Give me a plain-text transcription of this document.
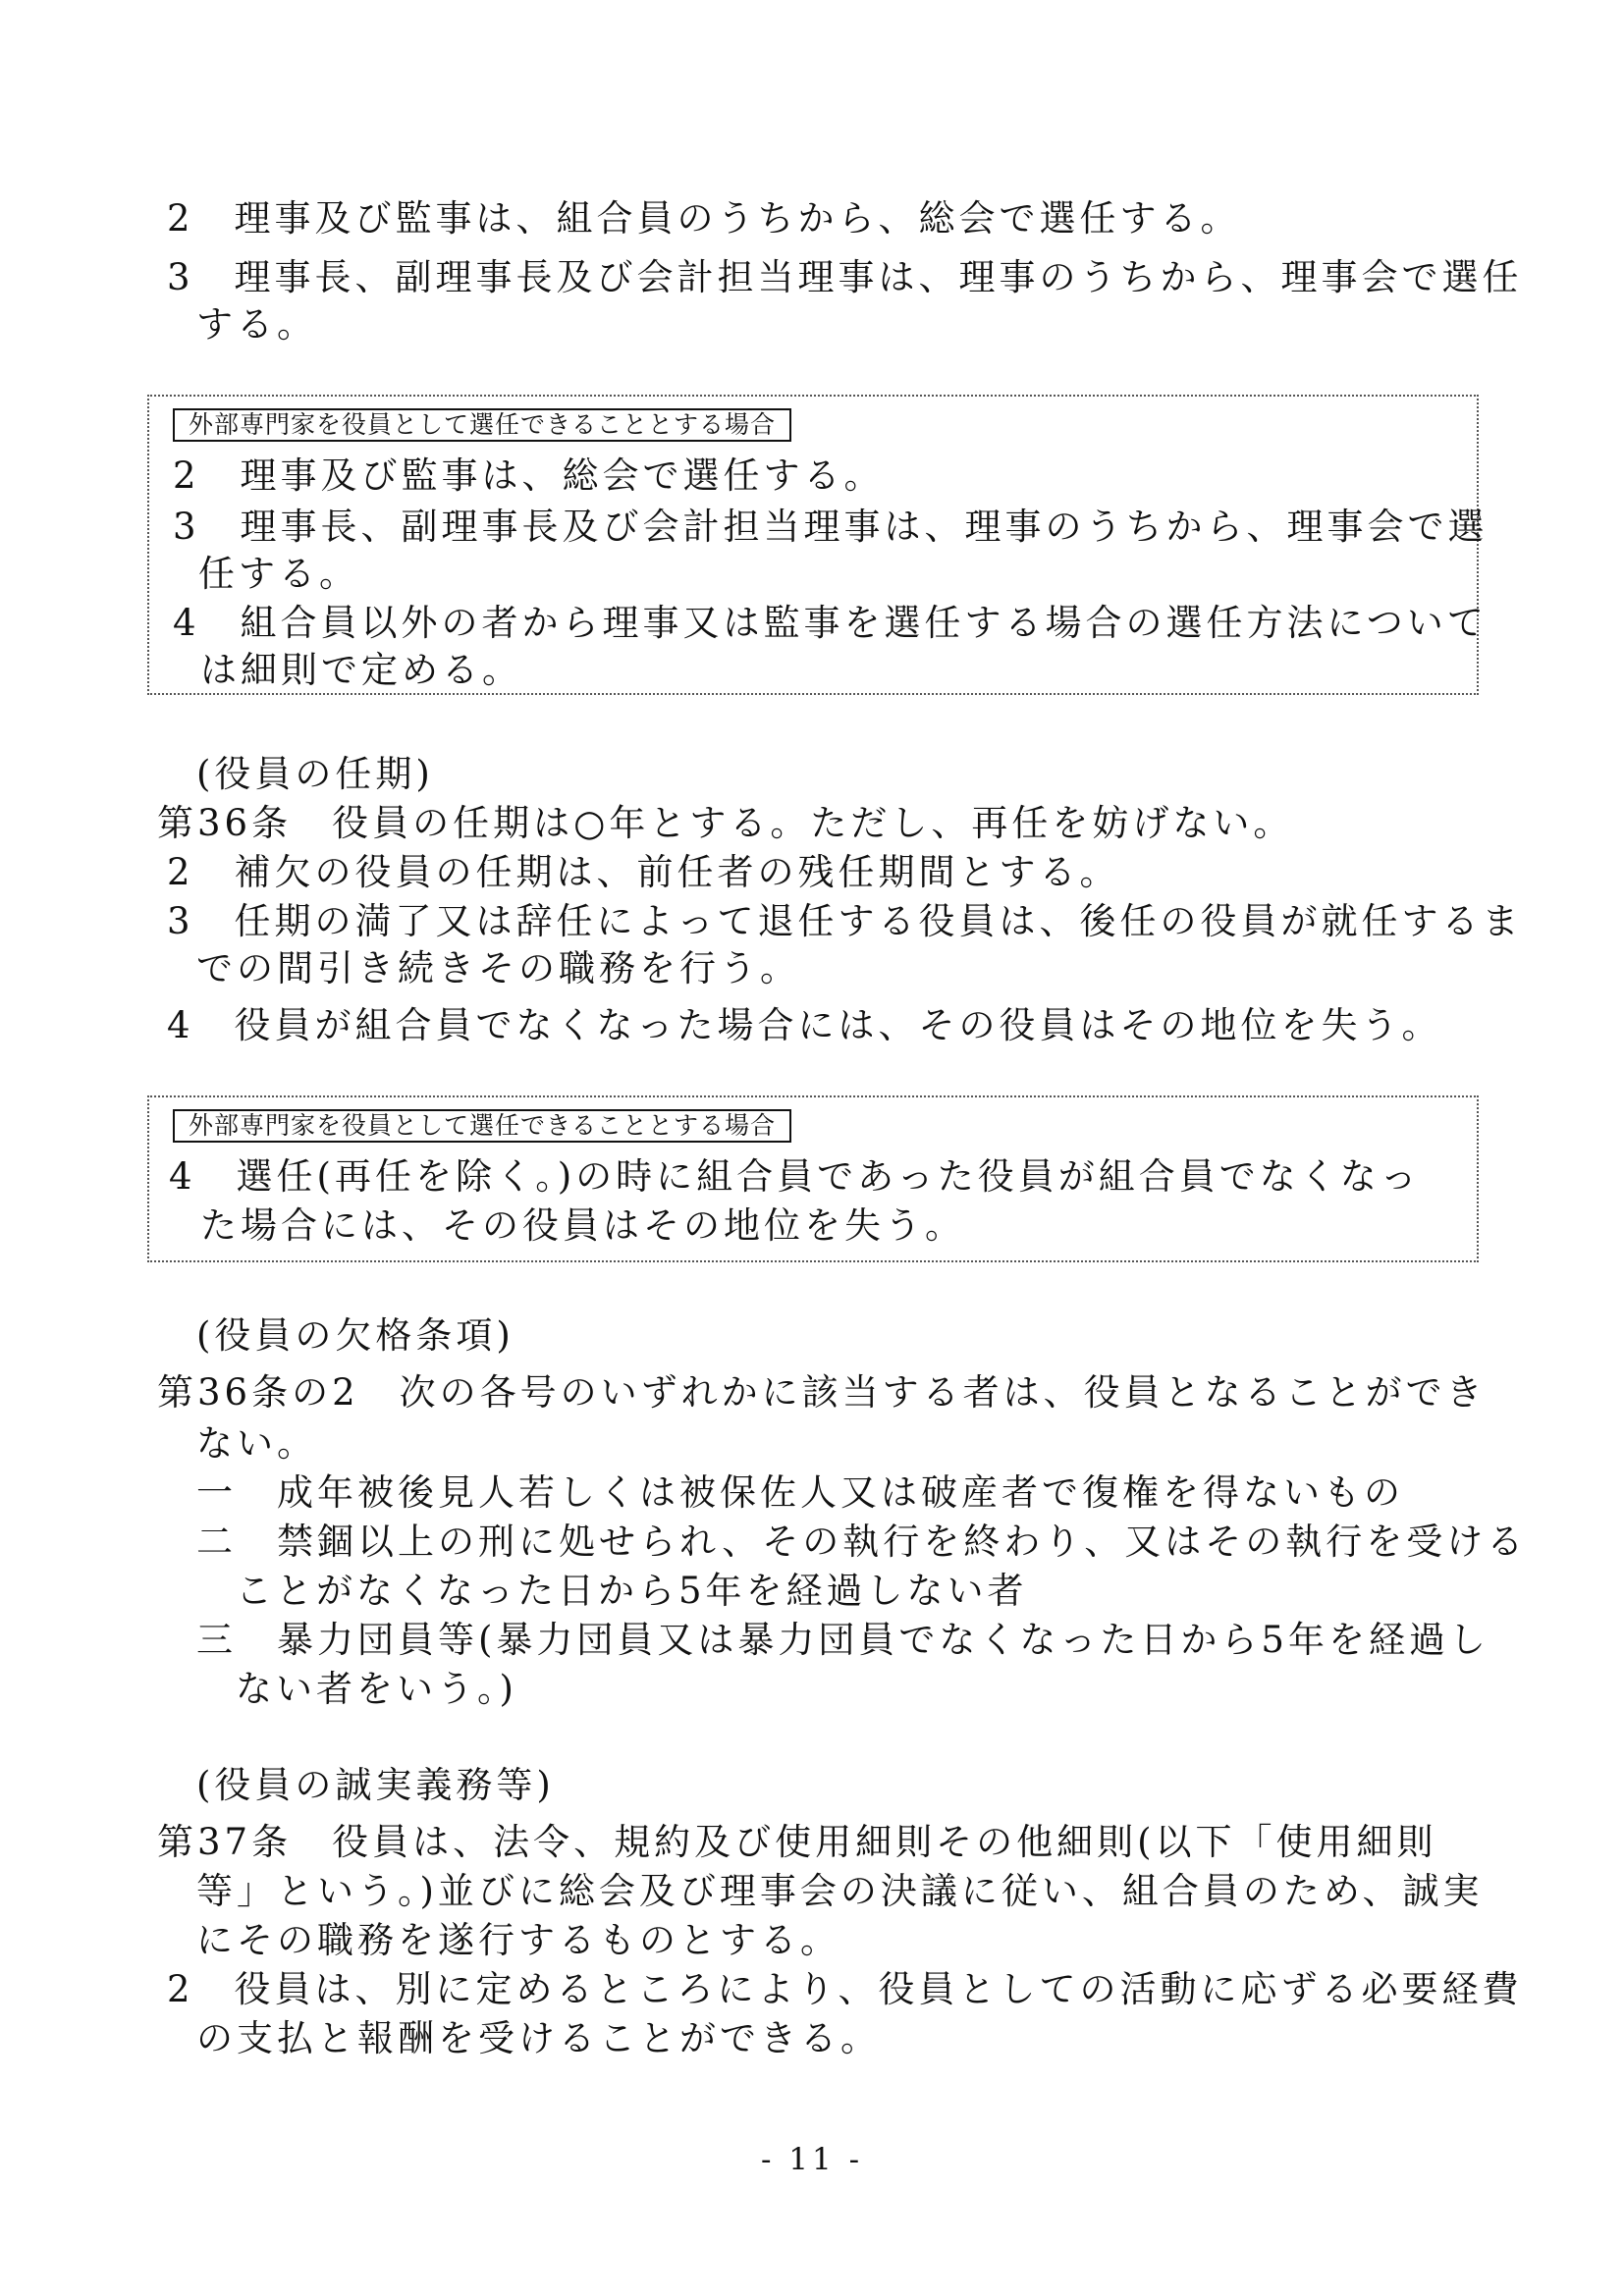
2　理事及び監事は、組合員のうちから、総会で選任する。
3　理事長、副理事長及び会計担当理事は、理事のうちから、理事会で選任
する。
外部専門家を役員として選任できることとする場合
2　理事及び監事は、総会で選任する。
3　理事長、副理事長及び会計担当理事は、理事のうちから、理事会で選
任する。
4　組合員以外の者から理事又は監事を選任する場合の選任方法について
は細則で定める。
(役員の任期)
第36条　役員の任期は○年とする。ただし、再任を妨げない。
2　補欠の役員の任期は、前任者の残任期間とする。
3　任期の満了又は辞任によって退任する役員は、後任の役員が就任するま
での間引き続きその職務を行う。
4　役員が組合員でなくなった場合には、その役員はその地位を失う。
外部専門家を役員として選任できることとする場合
4　選任(再任を除く。)の時に組合員であった役員が組合員でなくなっ
た場合には、その役員はその地位を失う。
(役員の欠格条項)
第36条の2　次の各号のいずれかに該当する者は、役員となることができ
ない。
一　成年被後見人若しくは被保佐人又は破産者で復権を得ないもの
二　禁錮以上の刑に処せられ、その執行を終わり、又はその執行を受ける
ことがなくなった日から5年を経過しない者
三　暴力団員等(暴力団員又は暴力団員でなくなった日から5年を経過し
ない者をいう。)
(役員の誠実義務等)
第37条　役員は、法令、規約及び使用細則その他細則(以下「使用細則
等」という。)並びに総会及び理事会の決議に従い、組合員のため、誠実
にその職務を遂行するものとする。
2　役員は、別に定めるところにより、役員としての活動に応ずる必要経費
の支払と報酬を受けることができる。
- 11 -
